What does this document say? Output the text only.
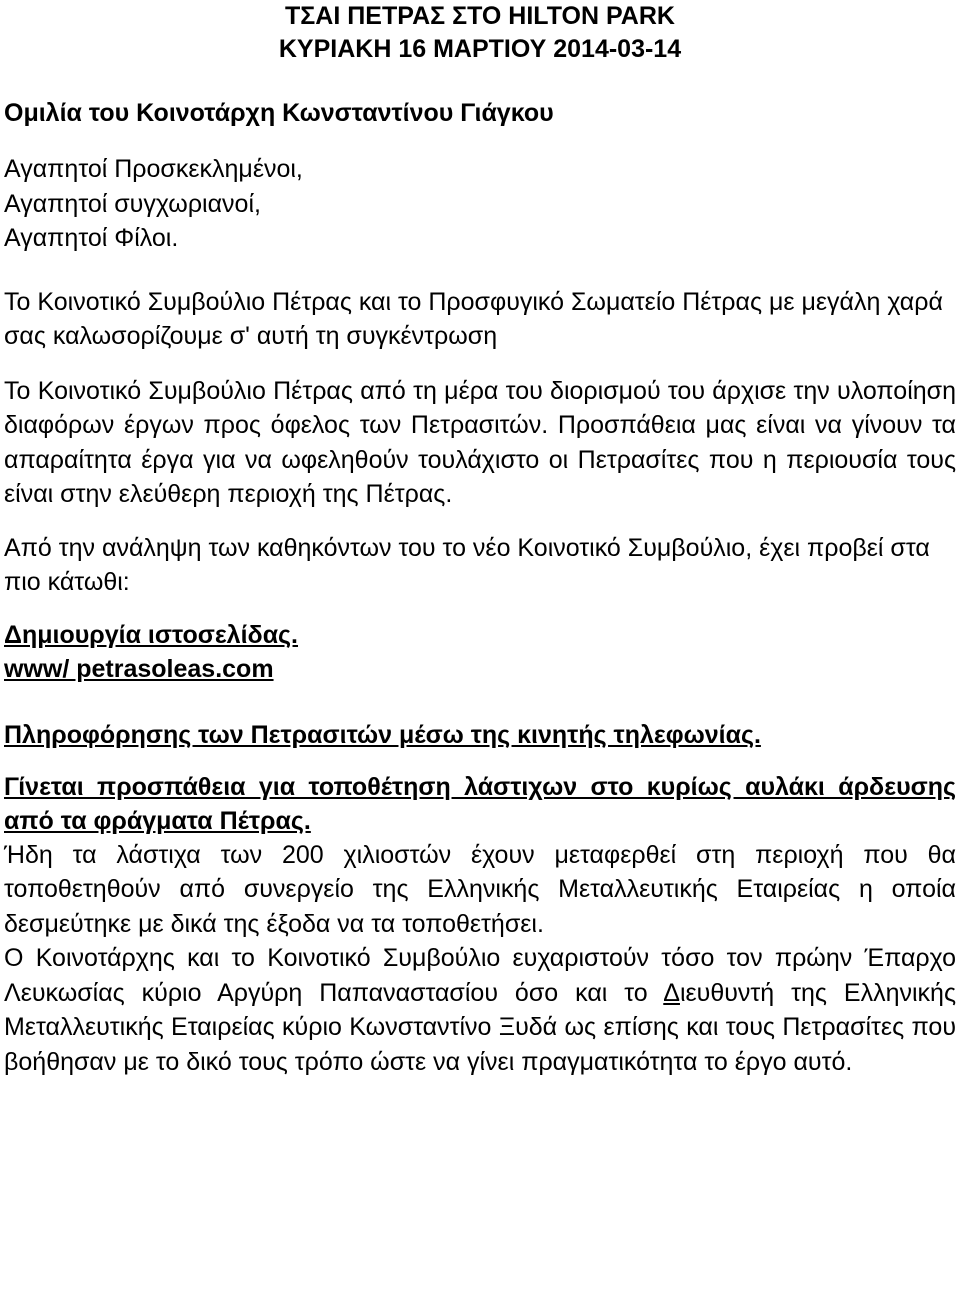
ΤΣΑΙ ΠΕΤΡΑΣ ΣΤΟ HILTON PARK

ΚΥΡΙΑΚΗ 16 ΜΑΡΤΙΟΥ 2014-03-14

Ομιλία του Κοινοτάρχη Κωνσταντίνου Γιάγκου

Αγαπητοί Προσκεκλημένοι,
Αγαπητοί συγχωριανοί,
Αγαπητοί Φίλοι.

Το Κοινοτικό Συμβούλιο Πέτρας και το Προσφυγικό Σωματείο Πέτρας με μεγάλη χαρά σας καλωσορίζουμε σ' αυτή τη συγκέντρωση

Το Κοινοτικό Συμβούλιο Πέτρας από τη μέρα του διορισμού του άρχισε την υλοποίηση διαφόρων έργων προς όφελος των Πετρασιτών. Προσπάθεια μας είναι να γίνουν τα απαραίτητα έργα για να ωφεληθούν τουλάχιστο οι Πετρασίτες που η περιουσία τους είναι στην ελεύθερη περιοχή της Πέτρας.

Από την ανάληψη των καθηκόντων του το νέο Κοινοτικό Συμβούλιο, έχει προβεί στα πιο κάτωθι:

Δημιουργία ιστοσελίδας.

www/ petrasoleas.com

Πληροφόρησης των Πετρασιτών μέσω της κινητής τηλεφωνίας.

Γίνεται προσπάθεια για τοποθέτηση λάστιχων στο κυρίως αυλάκι άρδευσης από τα φράγματα Πέτρας.

Ήδη τα λάστιχα των 200 χιλιοστών έχουν μεταφερθεί στη περιοχή που θα τοποθετηθούν από συνεργείο της Ελληνικής Μεταλλευτικής Εταιρείας η οποία δεσμεύτηκε με δικά της έξοδα να τα τοποθετήσει.

Ο Κοινοτάρχης και το Κοινοτικό Συμβούλιο ευχαριστούν τόσο τον πρώην Έπαρχο Λευκωσίας κύριο Αργύρη Παπαναστασίου όσο και το Διευθυντή της Ελληνικής Μεταλλευτικής Εταιρείας κύριο Κωνσταντίνο Ξυδά ως επίσης και τους Πετρασίτες που βοήθησαν με το δικό τους τρόπο ώστε να γίνει πραγματικότητα το έργο αυτό.
